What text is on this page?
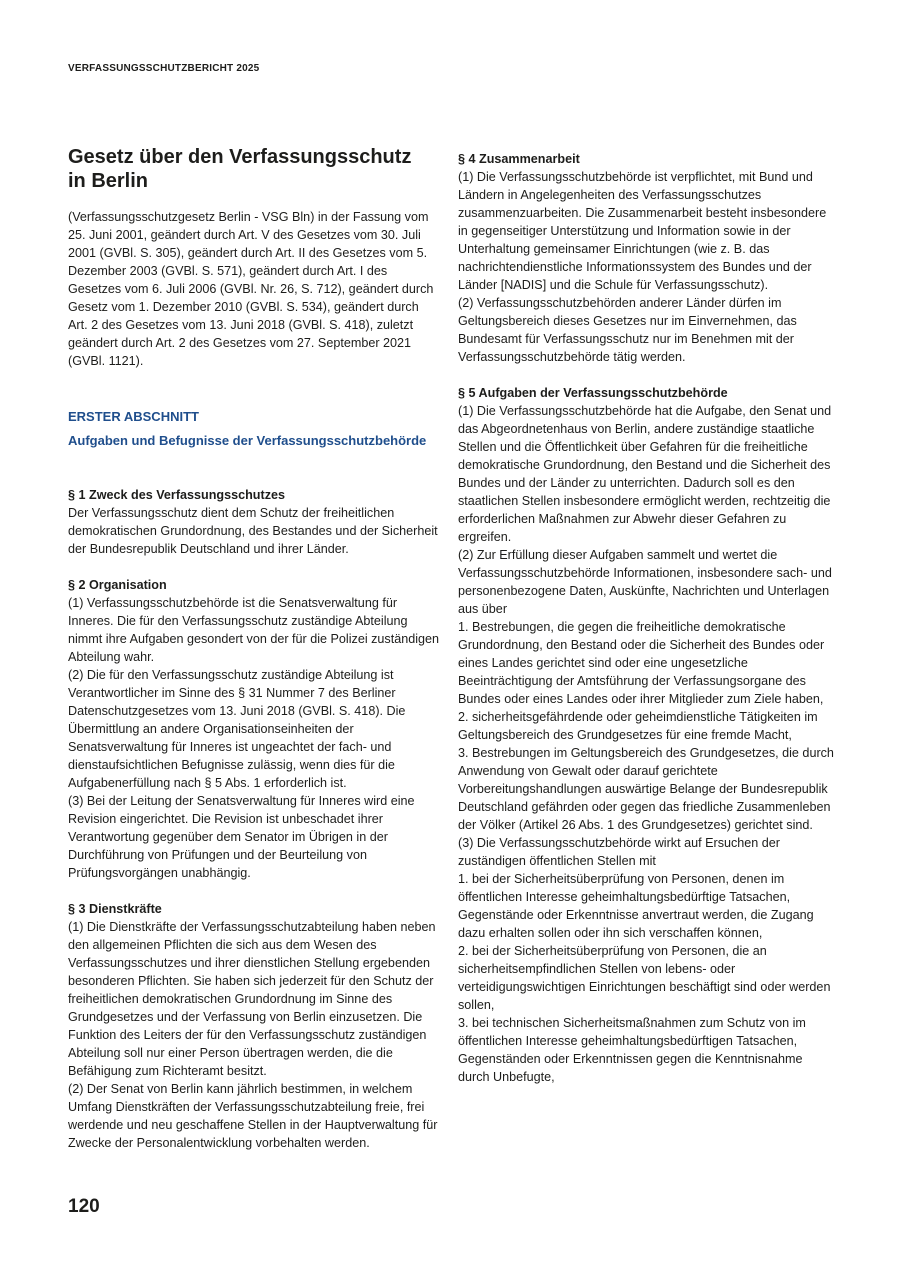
VERFASSUNGSSCHUTZBERICHT 2025
Gesetz über den Verfassungsschutz
in Berlin

(Verfassungsschutzgesetz Berlin - VSG Bln) in der Fassung vom 25. Juni 2001, geändert durch Art. V des Gesetzes vom 30. Juli 2001 (GVBl. S. 305), geändert durch Art. II des Gesetzes vom 5. Dezember 2003 (GVBl. S. 571), geändert durch Art. I des Gesetzes vom 6. Juli 2006 (GVBl. Nr. 26, S. 712), geändert durch Gesetz vom 1. Dezember 2010 (GVBl. S. 534), geändert durch Art. 2 des Gesetzes vom 13. Juni 2018 (GVBl. S. 418), zuletzt geändert durch Art. 2 des Gesetzes vom 27. September 2021 (GVBl. 1121).

ERSTER ABSCHNITT
Aufgaben und Befugnisse der Verfassungsschutzbehörde
§ 1 Zweck des Verfassungsschutzes

Der Verfassungsschutz dient dem Schutz der freiheitlichen demokratischen Grundordnung, des Bestandes und der Sicherheit der Bundesrepublik Deutschland und ihrer Länder.

§ 2 Organisation

(1) Verfassungsschutzbehörde ist die Senatsverwaltung für Inneres. Die für den Verfassungsschutz zuständige Abteilung nimmt ihre Aufgaben gesondert von der für die Polizei zuständigen Abteilung wahr.

(2) Die für den Verfassungsschutz zuständige Abteilung ist Verantwortlicher im Sinne des § 31 Nummer 7 des Berliner Datenschutzgesetzes vom 13. Juni 2018 (GVBl. S. 418). Die Übermittlung an andere Organisationseinheiten der Senatsverwaltung für Inneres ist ungeachtet der fach- und dienstaufsichtlichen Befugnisse zulässig, wenn dies für die Aufgabenerfüllung nach § 5 Abs. 1 erforderlich ist.

(3) Bei der Leitung der Senatsverwaltung für Inneres wird eine Revision eingerichtet. Die Revision ist unbeschadet ihrer Verantwortung gegenüber dem Senator im Übrigen in der Durchführung von Prüfungen und der Beurteilung von Prüfungsvorgängen unabhängig.

§ 3 Dienstkräfte

(1) Die Dienstkräfte der Verfassungsschutzabteilung haben neben den allgemeinen Pflichten die sich aus dem Wesen des Verfassungsschutzes und ihrer dienstlichen Stellung ergebenden besonderen Pflichten. Sie haben sich jederzeit für den Schutz der freiheitlichen demokratischen Grundordnung im Sinne des Grundgesetzes und der Verfassung von Berlin einzusetzen. Die Funktion des Leiters der für den Verfassungsschutz zuständigen Abteilung soll nur einer Person übertragen werden, die die Befähigung zum Richteramt besitzt.

(2) Der Senat von Berlin kann jährlich bestimmen, in welchem Umfang Dienstkräften der Verfassungsschutzabteilung freie, frei werdende und neu geschaffene Stellen in der Hauptverwaltung für Zwecke der Personalentwicklung vorbehalten werden.

§ 4 Zusammenarbeit

(1) Die Verfassungsschutzbehörde ist verpflichtet, mit Bund und Ländern in Angelegenheiten des Verfassungsschutzes zusammenzuarbeiten. Die Zusammenarbeit besteht insbesondere in gegenseitiger Unterstützung und Information sowie in der Unterhaltung gemeinsamer Einrichtungen (wie z. B. das nachrichtendienstliche Informationssystem des Bundes und der Länder [NADIS] und die Schule für Verfassungsschutz).

(2) Verfassungsschutzbehörden anderer Länder dürfen im Geltungsbereich dieses Gesetzes nur im Einvernehmen, das Bundesamt für Verfassungsschutz nur im Benehmen mit der Verfassungsschutzbehörde tätig werden.

§ 5 Aufgaben der Verfassungsschutzbehörde

(1) Die Verfassungsschutzbehörde hat die Aufgabe, den Senat und das Abgeordnetenhaus von Berlin, andere zuständige staatliche Stellen und die Öffentlichkeit über Gefahren für die freiheitliche demokratische Grundordnung, den Bestand und die Sicherheit des Bundes und der Länder zu unterrichten. Dadurch soll es den staatlichen Stellen insbesondere ermöglicht werden, rechtzeitig die erforderlichen Maßnahmen zur Abwehr dieser Gefahren zu ergreifen.

(2) Zur Erfüllung dieser Aufgaben sammelt und wertet die Verfassungsschutzbehörde Informationen, insbesondere sach- und personenbezogene Daten, Auskünfte, Nachrichten und Unterlagen aus über

1. Bestrebungen, die gegen die freiheitliche demokratische Grundordnung, den Bestand oder die Sicherheit des Bundes oder eines Landes gerichtet sind oder eine ungesetzliche Beeinträchtigung der Amtsführung der Verfassungsorgane des Bundes oder eines Landes oder ihrer Mitglieder zum Ziele haben,

2. sicherheitsgefährdende oder geheimdienstliche Tätigkeiten im Geltungsbereich des Grundgesetzes für eine fremde Macht,

3. Bestrebungen im Geltungsbereich des Grundgesetzes, die durch Anwendung von Gewalt oder darauf gerichtete Vorbereitungshandlungen auswärtige Belange der Bundesrepublik Deutschland gefährden oder gegen das friedliche Zusammenleben der Völker (Artikel 26 Abs. 1 des Grundgesetzes) gerichtet sind.

(3) Die Verfassungsschutzbehörde wirkt auf Ersuchen der zuständigen öffentlichen Stellen mit

1. bei der Sicherheitsüberprüfung von Personen, denen im öffentlichen Interesse geheimhaltungsbedürftige Tatsachen, Gegenstände oder Erkenntnisse anvertraut werden, die Zugang dazu erhalten sollen oder ihn sich verschaffen können,

2. bei der Sicherheitsüberprüfung von Personen, die an sicherheitsempfindlichen Stellen von lebens- oder verteidigungswichtigen Einrichtungen beschäftigt sind oder werden sollen,

3. bei technischen Sicherheitsmaßnahmen zum Schutz von im öffentlichen Interesse geheimhaltungsbedürftigen Tatsachen, Gegenständen oder Erkenntnissen gegen die Kenntnisnahme durch Unbefugte,

120
